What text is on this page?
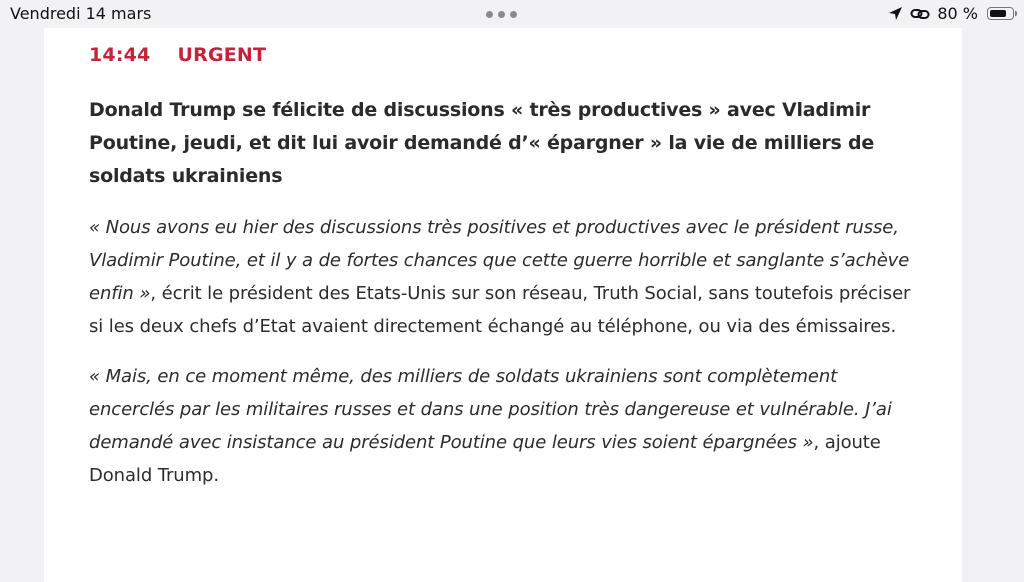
Vendredi 14 mars	80 %
14:44 URGENT
Donald Trump se félicite de discussions « très productives » avec Vladimir Poutine, jeudi, et dit lui avoir demandé d’« épargner » la vie de milliers de soldats ukrainiens

« Nous avons eu hier des discussions très positives et productives avec le président russe, Vladimir Poutine, et il y a de fortes chances que cette guerre horrible et sanglante s’achève enfin », écrit le président des Etats-Unis sur son réseau, Truth Social, sans toutefois préciser si les deux chefs d’Etat avaient directement échangé au téléphone, ou via des émissaires.

« Mais, en ce moment même, des milliers de soldats ukrainiens sont complètement encerclés par les militaires russes et dans une position très dangereuse et vulnérable. J’ai demandé avec insistance au président Poutine que leurs vies soient épargnées », ajoute Donald Trump.
